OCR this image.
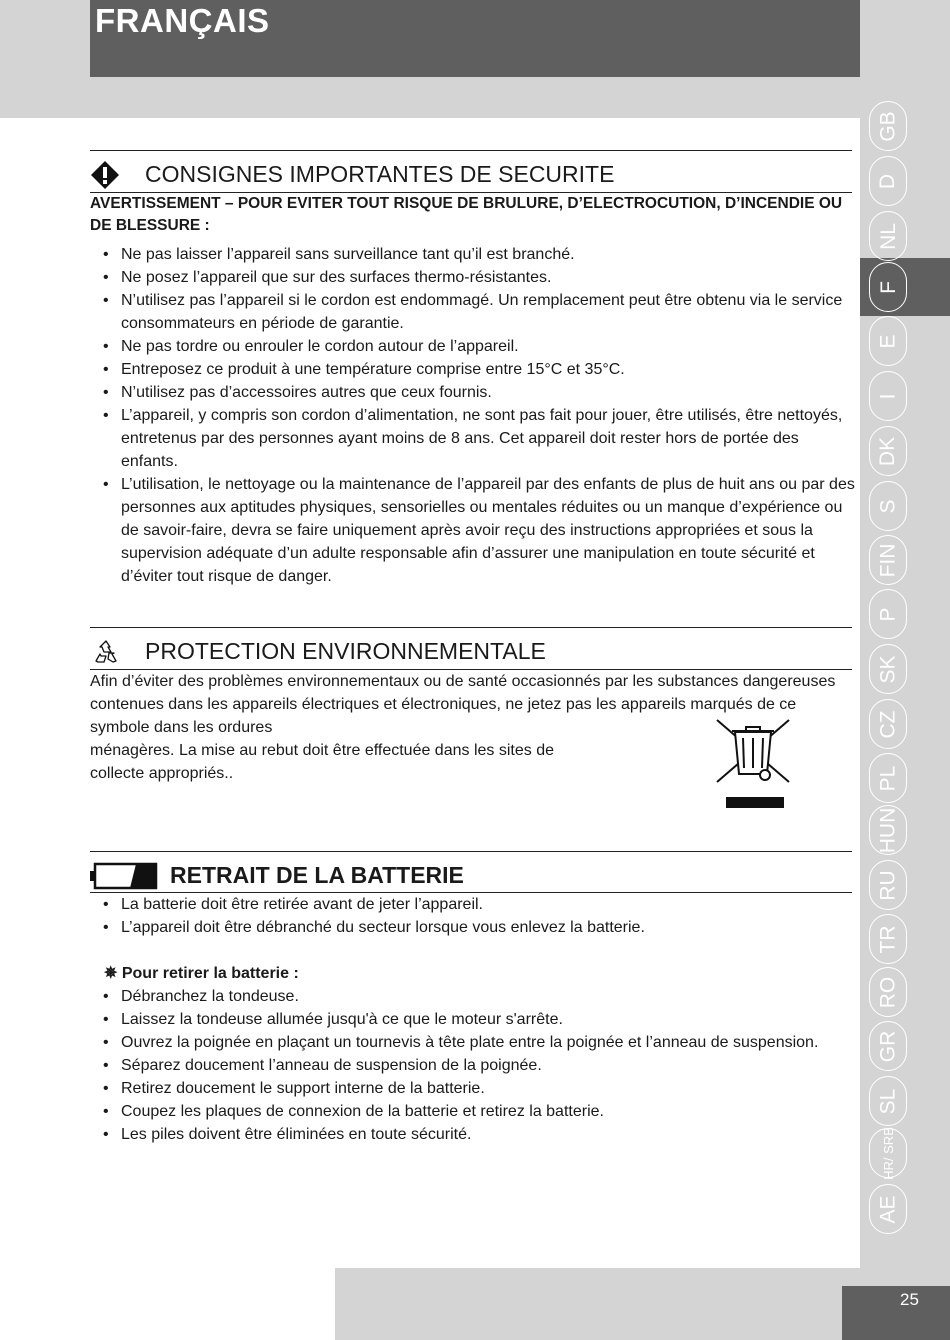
FRANÇAIS
GB
D
NL
F
E
I
DK
S
FIN
P
SK
CZ
PL
HUN
RU
TR
RO
GR
SL
HR/ SRB
AE
25
CONSIGNES IMPORTANTES DE SECURITE
AVERTISSEMENT – POUR EVITER TOUT RISQUE DE BRULURE, D’ELECTROCUTION, D’INCENDIE OU DE BLESSURE :
• Ne pas laisser l’appareil sans surveillance tant qu’il est branché.
• Ne posez l’appareil que sur des surfaces thermo-résistantes.
• N’utilisez pas l’appareil si le cordon est endommagé. Un remplacement peut être obtenu via le service consommateurs en période de garantie.
• Ne pas tordre ou enrouler le cordon autour de l’appareil.
• Entreposez ce produit à une température comprise entre 15°C et 35°C.
• N’utilisez pas d’accessoires autres que ceux fournis.
• L’appareil, y compris son cordon d’alimentation, ne sont pas fait pour jouer, être utilisés, être nettoyés, entretenus par des personnes ayant moins de 8 ans. Cet appareil doit rester hors de portée des enfants.
• L’utilisation, le nettoyage ou la maintenance de l’appareil par des enfants de plus de huit ans ou par des personnes aux aptitudes physiques, sensorielles ou mentales réduites ou un manque d’expérience ou de savoir-faire, devra se faire uniquement après avoir reçu des instructions appropriées et sous la supervision adéquate d’un adulte responsable afin d’assurer une manipulation en toute sécurité et d’éviter tout risque de danger.
PROTECTION ENVIRONNEMENTALE
Afin d’éviter des problèmes environnementaux ou de santé occasionnés par les substances dangereuses contenues dans les appareils électriques et électroniques, ne jetez pas les appareils marqués de ce symbole dans les ordures
ménagères. La mise au rebut doit être effectuée dans les sites de
collecte appropriés..
RETRAIT DE LA BATTERIE
• La batterie doit être retirée avant de jeter l’appareil.
• L’appareil doit être débranché du secteur lorsque vous enlevez la batterie.
✵ Pour retirer la batterie :
• Débranchez la tondeuse.
• Laissez la tondeuse allumée jusqu'à ce que le moteur s'arrête.
• Ouvrez la poignée en plaçant un tournevis à tête plate entre la poignée et l’anneau de suspension.
• Séparez doucement l’anneau de suspension de la poignée.
• Retirez doucement le support interne de la batterie.
• Coupez les plaques de connexion de la batterie et retirez la batterie.
• Les piles doivent être éliminées en toute sécurité.
